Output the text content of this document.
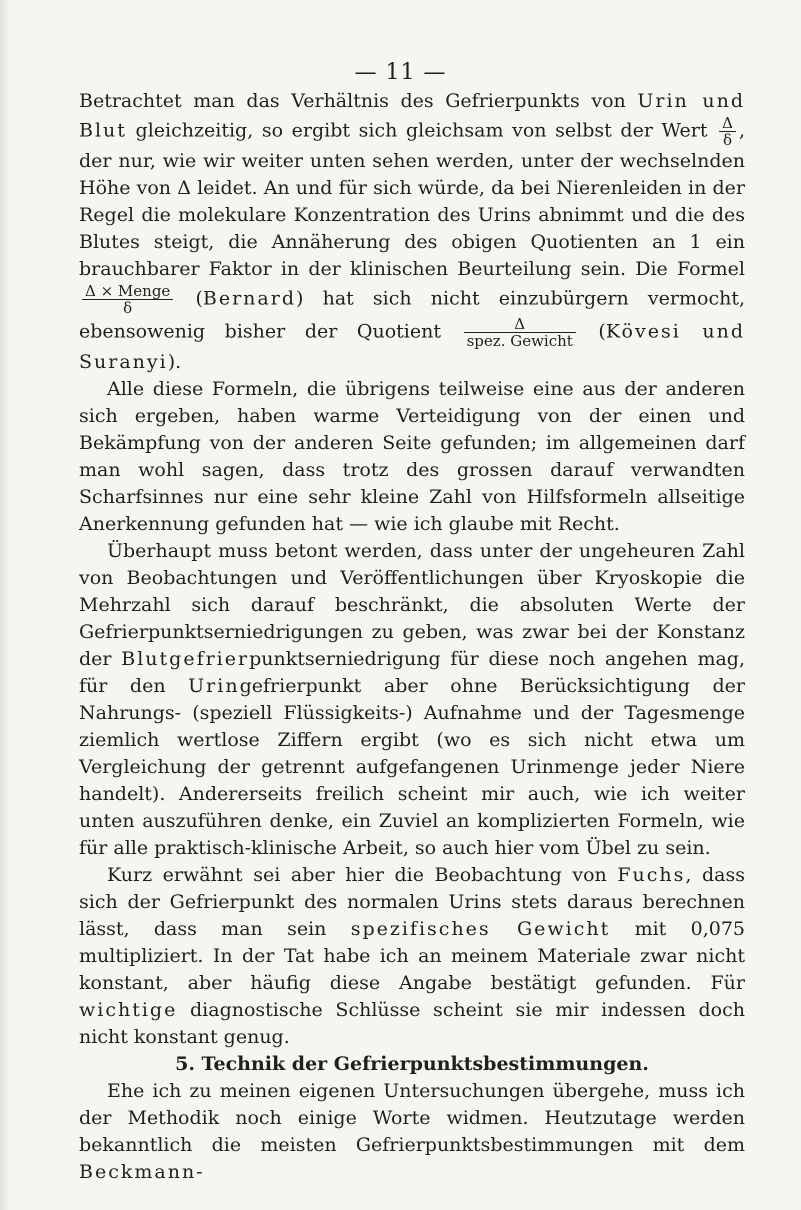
— 11 —

Betrachtet man das Verhältnis des Gefrierpunkts von Urin und Blut gleichzeitig, so ergibt sich gleichsam von selbst der Wert $\frac{\Delta}{\delta}$ , der nur, wie wir weiter unten sehen werden, unter der wechselnden Höhe von Δ leidet. An und für sich würde, da bei Nierenleiden in der Regel die molekulare Konzentration des Urins abnimmt und die des Blutes steigt, die Annäherung des obigen Quotienten an 1 ein brauchbarer Faktor in der klinischen Beurteilung sein. Die Formel
$\frac{\text{Δ × Menge}}{\delta}$ (Bernard) hat sich nicht einzubürgern vermocht, ebensowenig bisher der Quotient $\frac{\Delta}{\text{spez. Gewicht}}$ (Kövesi und Suranyi).

Alle diese Formeln, die übrigens teilweise eine aus der anderen sich ergeben, haben warme Verteidigung von der einen und Bekämpfung von der anderen Seite gefunden; im allgemeinen darf man wohl sagen, dass trotz des grossen darauf verwandten Scharfsinnes nur eine sehr kleine Zahl von Hilfsformeln allseitige Anerkennung gefunden hat — wie ich glaube mit Recht.

Überhaupt muss betont werden, dass unter der ungeheuren Zahl von Beobachtungen und Veröffentlichungen über Kryoskopie die Mehrzahl sich darauf beschränkt, die absoluten Werte der Gefrierpunktserniedrigungen zu geben, was zwar bei der Konstanz der Blutgefrierpunktserniedrigung für diese noch angehen mag, für den Uringefrierpunkt aber ohne Berücksichtigung der Nahrungs- (speziell Flüssigkeits-) Aufnahme und der Tagesmenge ziemlich wertlose Ziffern ergibt (wo es sich nicht etwa um Vergleichung der getrennt aufgefangenen Urinmenge jeder Niere handelt). Andererseits freilich scheint mir auch, wie ich weiter unten auszuführen denke, ein Zuviel an komplizierten Formeln, wie für alle praktisch-klinische Arbeit, so auch hier vom Übel zu sein.

Kurz erwähnt sei aber hier die Beobachtung von Fuchs, dass sich der Gefrierpunkt des normalen Urins stets daraus berechnen lässt, dass man sein spezifisches Gewicht mit 0,075 multipliziert. In der Tat habe ich an meinem Materiale zwar nicht konstant, aber häufig diese Angabe bestätigt gefunden. Für wichtige diagnostische Schlüsse scheint sie mir indessen doch nicht konstant genug.

5. Technik der Gefrierpunktsbestimmungen.

Ehe ich zu meinen eigenen Untersuchungen übergehe, muss ich der Methodik noch einige Worte widmen. Heutzutage werden bekanntlich die meisten Gefrierpunktsbestimmungen mit dem Beckmann-
